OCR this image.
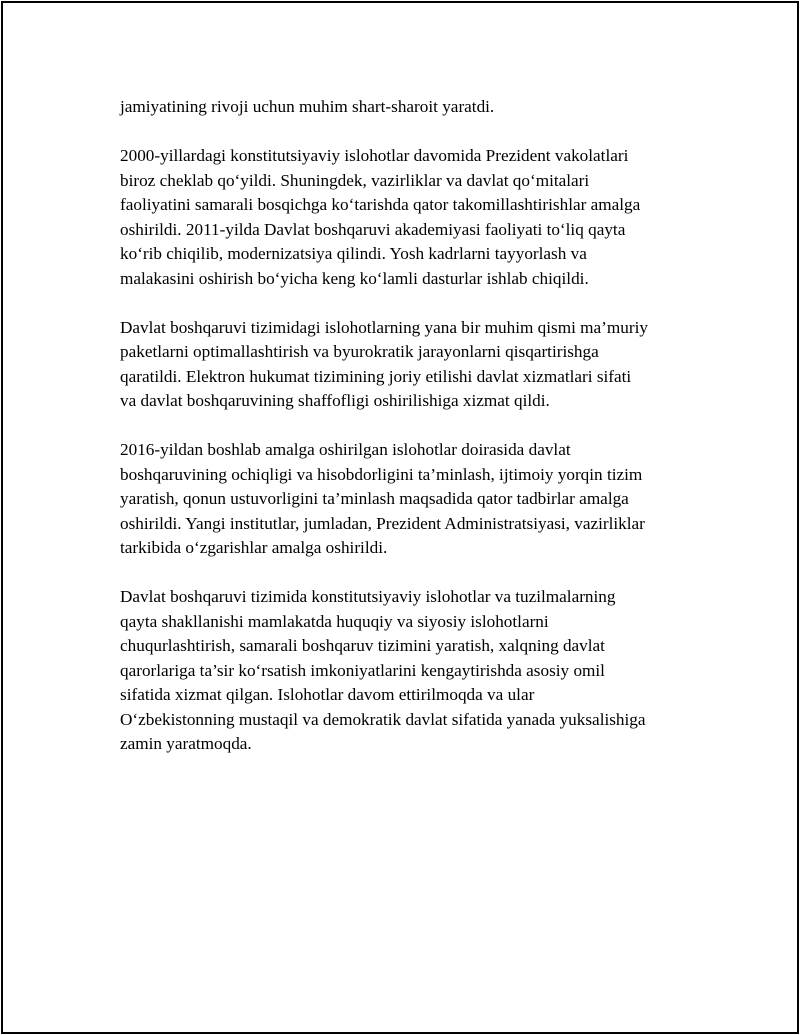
jamiyatining rivoji uchun muhim shart-sharoit yaratdi.

2000-yillardagi konstitutsiyaviy islohotlar davomida Prezident vakolatlari
biroz cheklab qo‘yildi. Shuningdek, vazirliklar va davlat qo‘mitalari
faoliyatini samarali bosqichga ko‘tarishda qator takomillashtirishlar amalga
oshirildi. 2011-yilda Davlat boshqaruvi akademiyasi faoliyati to‘liq qayta
ko‘rib chiqilib, modernizatsiya qilindi. Yosh kadrlarni tayyorlash va
malakasini oshirish bo‘yicha keng ko‘lamli dasturlar ishlab chiqildi.

Davlat boshqaruvi tizimidagi islohotlarning yana bir muhim qismi ma’muriy
paketlarni optimallashtirish va byurokratik jarayonlarni qisqartirishga
qaratildi. Elektron hukumat tizimining joriy etilishi davlat xizmatlari sifati
va davlat boshqaruvining shaffofligi oshirilishiga xizmat qildi.

2016-yildan boshlab amalga oshirilgan islohotlar doirasida davlat
boshqaruvining ochiqligi va hisobdorligini ta’minlash, ijtimoiy yorqin tizim
yaratish, qonun ustuvorligini ta’minlash maqsadida qator tadbirlar amalga
oshirildi. Yangi institutlar, jumladan, Prezident Administratsiyasi, vazirliklar
tarkibida o‘zgarishlar amalga oshirildi.

Davlat boshqaruvi tizimida konstitutsiyaviy islohotlar va tuzilmalarning
qayta shakllanishi mamlakatda huquqiy va siyosiy islohotlarni
chuqurlashtirish, samarali boshqaruv tizimini yaratish, xalqning davlat
qarorlariga ta’sir ko‘rsatish imkoniyatlarini kengaytirishda asosiy omil
sifatida xizmat qilgan. Islohotlar davom ettirilmoqda va ular
O‘zbekistonning mustaqil va demokratik davlat sifatida yanada yuksalishiga
zamin yaratmoqda.
